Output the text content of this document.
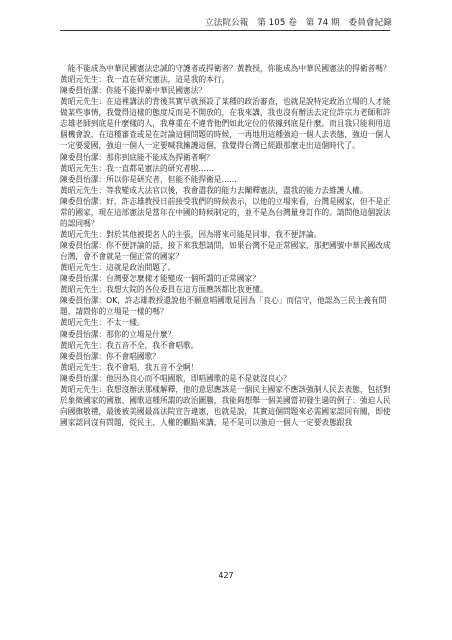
立法院公報　第 105 卷　第 74 期　委員會紀錄

　能不能成為中華民國憲法忠誠的守護者或捍衛者？黃教授，你能成為中華民國憲法的捍衛者嗎？

黃昭元先生：我一直在研究憲法，這是我的本行。

陳委員怡潔：你能不能捍衛中華民國憲法？

黃昭元先生：在這裡講法的背後其實早就預設了某種的政治審查，也就是說特定政治立場的人才能做某些事情，我覺得這樣的態度反而是不開放的，在我來講，我也沒有辦法去定位許宗力老師和許志雄老師到底是什麼樣的人，我尊重在不違背他們如此定位的依據到底是什麼。而且我只能利用這個機會說，在這種審查或是在討論這個問題的時候，一再地用這種強迫一個人去表態，強迫一個人一定要愛國，強迫一個人一定要喊我擁護這個，我覺得台灣已經跟那麼走出這個時代了。

陳委員怡潔：那你到底能不能成為捍衛者啊？

黃昭元先生：我一直都是憲法的研究者啦……

陳委員怡潔：所以你是研究者，但能不能捍衛是……

黃昭元先生：等我變成大法官以後，我會盡我的能力去闡釋憲法，盡我的能力去維護人權。

陳委員怡潔：好，許志雄教授日前接受我們的時候表示，以他的立場來看，台灣是國家，但不是正常的國家，現在這部憲法是當年在中國的時候制定的，並不是為台灣量身訂作的。請問他這個說法的認同嗎？

黃昭元先生：對於其他被提名人的主張，因為將來可能是同事，我不便評論。

陳委員怡潔：你不便評論的話，接下來我想請問，如果台灣不是正常國家，那把國號中華民國改成台灣，會不會就是一個正常的國家？

黃昭元先生：這就是政治問題了。

陳委員怡潔：台灣要怎麼樣才能變成一個所謂的正常國家？

黃昭元先生：我想大院的各位委員在這方面應該都比我更懂。

陳委員怡潔：OK，許志雄教授還說他不願意唱國歌是因為「良心」而信守，他認為三民主義有問題，請問你的立場是一樣的嗎？

黃昭元先生：不太一樣。

陳委員怡潔：那你的立場是什麼？

黃昭元先生：我五音不全，我不會唱歌。

陳委員怡潔：你不會唱國歌？

黃昭元先生：我不會唱，我五音不全啊！

陳委員怡潔：他因為良心而不唱國歌，即唱國歌的是不是就沒良心？

黃昭元先生：我想沒辦法那樣解釋，他的意思應該是一個民主國家不應該強制人民去表態，包括對於象徵國家的國旗、國歌這種所謂的政治圖騰，我能夠想舉一個美國當初發生過的例子：強迫人民向國旗敬禮，最後被美國最高法院宣告違憲，也就是說，其實這個問題來必需國家認同有關，即使國家認同沒有問題，從民主、人權的觀點來講，是不是可以強迫一個人一定要表態跟我

427
